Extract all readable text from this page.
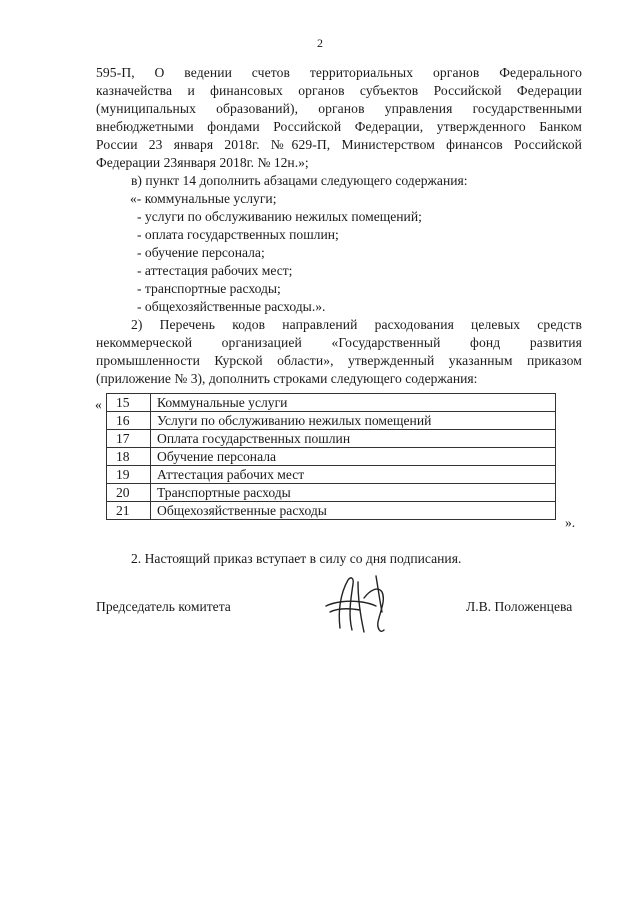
2

595-П, О ведении счетов территориальных органов Федерального

казначейства и финансовых органов субъектов Российской Федерации

(муниципальных образований), органов управления государственными

внебюджетными фондами Российской Федерации, утвержденного Банком

России 23 января 2018г. №629-П, Министерством финансов Российской

Федерации 23января 2018г. № 12н.»;

в) пункт 14 дополнить абзацами следующего содержания:

«- коммунальные услуги;

- услуги по обслуживанию нежилых помещений;

- оплата государственных пошлин;

- обучение персонала;

- аттестация рабочих мест;

- транспортные расходы;

- общехозяйственные расходы.».

2) Перечень кодов направлений расходования целевых средств

некоммерческой организацией «Государственный фонд развития

промышленности Курской области», утвержденный указанным приказом

(приложение № 3), дополнить строками следующего содержания:

« 15	Коммунальные услуги
16	Услуги по обслуживанию нежилых помещений
17	Оплата государственных пошлин
18	Обучение персонала
19	Аттестация рабочих мест
20	Транспортные расходы
21	Общехозяйственные расходы
».

2. Настоящий приказ вступает в силу со дня подписания.

Председатель комитета	Л.В. Положенцева
